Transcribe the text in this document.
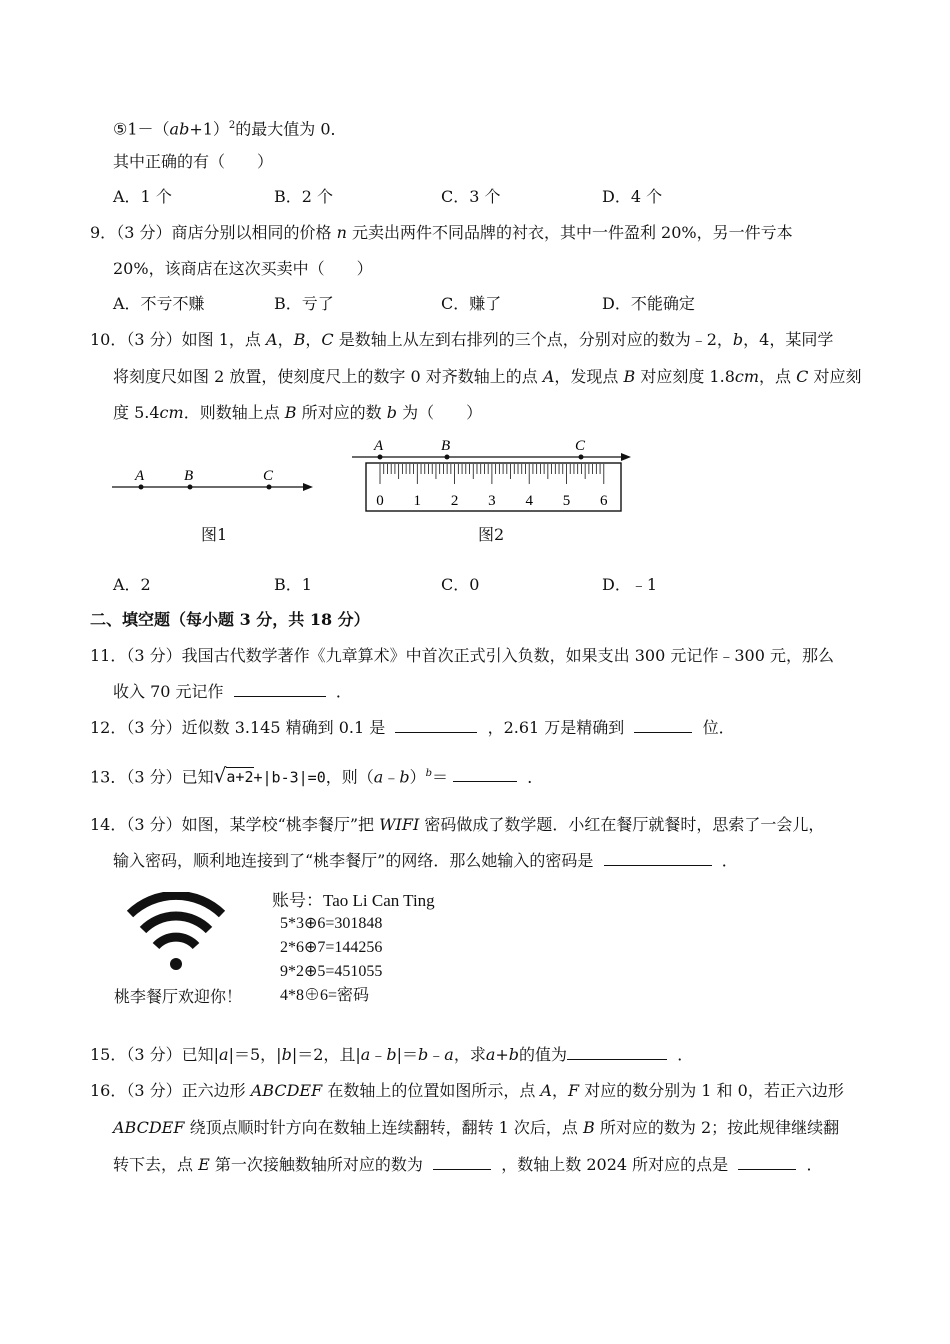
$⑤1-(ab+1)^2$的最大值为 0．
其中正确的有（　　）
A．1 个	B．2 个	C．3 个	D．4 个
9．（3 分）商店分别以相同的价格 n 元卖出两件不同品牌的衬衣，其中一件盈利 20%，另一件亏本
20%，该商店在这次买卖中（　　）
A．不亏不赚	B．亏了	C．赚了	D．不能确定
10．（3 分）如图 1，点 A，B，C 是数轴上从左到右排列的三个点，分别对应的数为﹣2，b，4，某同学
将刻度尺如图 2 放置，使刻度尺上的数字 0 对齐数轴上的点 A，发现点 B 对应刻度 1.8cm，点 C 对应刻
度 5.4cm．则数轴上点 B 所对应的数 b 为（　　）
A	B	C
图1
A	B	C
0 1 2 3 4 5 6
图2
A．2	B．1	C．0	D．﹣1
二、填空题（每小题 3 分，共 18 分）
11．（3 分）我国古代数学著作《九章算术》中首次正式引入负数，如果支出 300 元记作﹣300 元，那么
收入 70 元记作	．
12．（3 分）近似数 3.145 精确到 0.1 是	，2.61 万是精确到	位．
13．（3 分）已知√a+2+|b-3|=0，则（a﹣b）$^b$＝	．
14．（3 分）如图，某学校“桃李餐厅”把 WIFI 密码做成了数学题．小红在餐厅就餐时，思索了一会儿，
输入密码，顺利地连接到了“桃李餐厅”的网络．那么她输入的密码是	．
桃李餐厅欢迎你！
账号：Tao Li Can Ting
5*3⊕6=301848
2*6⊕7=144256
9*2⊕5=451055
4*8⊕6=密码
15．（3 分）已知|a|＝5，|b|＝2，且|a﹣b|＝b﹣a，求a+b的值为	．
16．（3 分）正六边形 ABCDEF 在数轴上的位置如图所示，点 A，F 对应的数分别为 1 和 0，若正六边形
ABCDEF 绕顶点顺时针方向在数轴上连续翻转，翻转 1 次后，点 B 所对应的数为 2；按此规律继续翻
转下去，点 E 第一次接触数轴所对应的数为	，数轴上数 2024 所对应的点是	．
